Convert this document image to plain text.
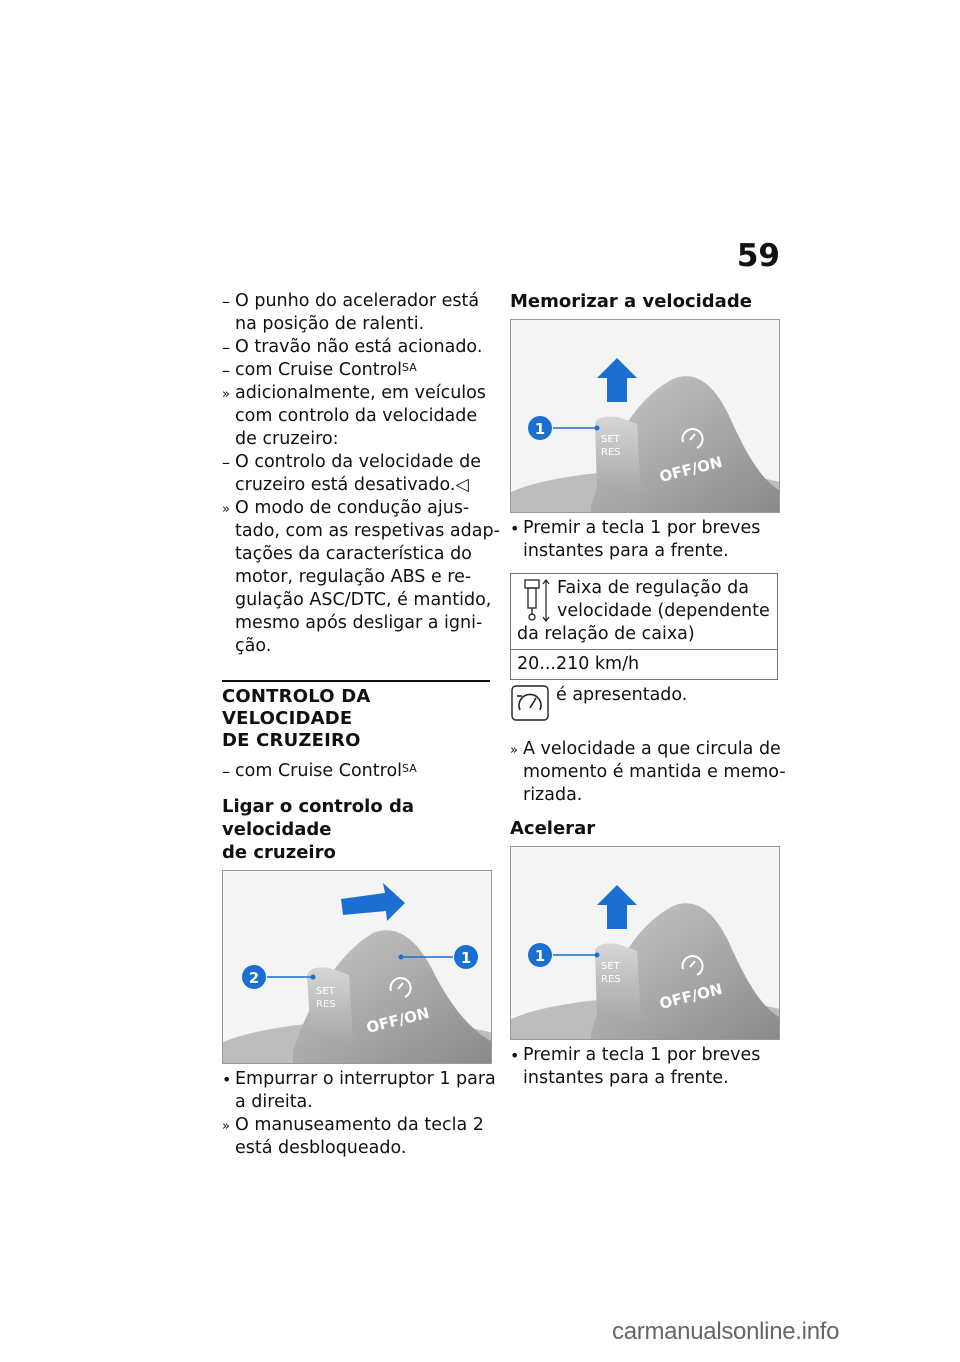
59

– O punho do acelerador está

na posição de ralenti.

– O travão não está acionado.

– com Cruise Control$^{SA}$

» adicionalmente, em veículos

com controlo da velocidade

de cruzeiro:

– O controlo da velocidade de

cruzeiro está desativado.◁

» O modo de condução ajus-

tado, com as respetivas adap-

tações da característica do

motor, regulação ABS e re-

gulação ASC/DTC, é mantido,

mesmo após desligar a igni-

ção.

CONTROLO DA VELOCIDADE

DE CRUZEIRO

– com Cruise Control$^{SA}$

Ligar o controlo da velocidade

de cruzeiro

SET
RES OFF/ON
1
2

• Empurrar o interruptor 1 para

a direita.

» O manuseamento da tecla 2

está desbloqueado.

Memorizar a velocidade

SET
RES
OFF/ON
1

• Premir a tecla 1 por breves

instantes para a frente.

Faixa de regulação da
velocidade (dependente
da relação de caixa)

20...210 km/h
é apresentado.

» A velocidade a que circula de

momento é mantida e memo-

rizada.

Acelerar

SET
RES
OFF/ON
1

• Premir a tecla 1 por breves

instantes para a frente.

carmanualsonline.info
